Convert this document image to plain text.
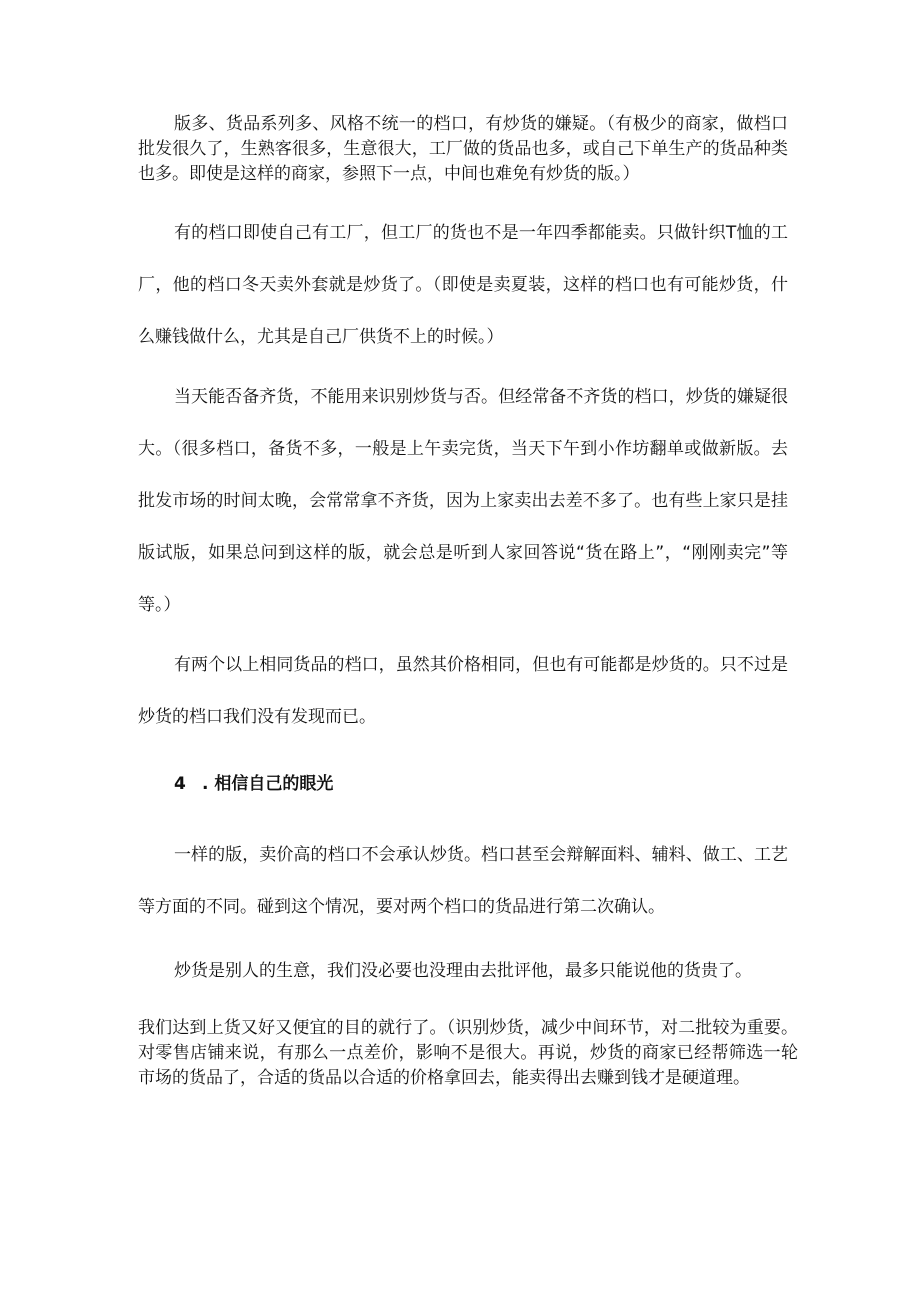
版多、货品系列多、风格不统一的档口，有炒货的嫌疑。（有极少的商家，做档口批发很久了，生熟客很多，生意很大，工厂做的货品也多，或自己下单生产的货品种类也多。即使是这样的商家，参照下一点，中间也难免有炒货的版。）

有的档口即使自己有工厂，但工厂的货也不是一年四季都能卖。只做针织T恤的工厂，他的档口冬天卖外套就是炒货了。（即使是卖夏装，这样的档口也有可能炒货，什么赚钱做什么，尤其是自己厂供货不上的时候。）

当天能否备齐货，不能用来识别炒货与否。但经常备不齐货的档口，炒货的嫌疑很大。（很多档口，备货不多，一般是上午卖完货，当天下午到小作坊翻单或做新版。去批发市场的时间太晚，会常常拿不齐货，因为上家卖出去差不多了。也有些上家只是挂版试版，如果总问到这样的版，就会总是听到人家回答说“货在路上”，“刚刚卖完”等等。）

有两个以上相同货品的档口，虽然其价格相同，但也有可能都是炒货的。只不过是炒货的档口我们没有发现而已。

4 . 相信自己的眼光

一样的版，卖价高的档口不会承认炒货。档口甚至会辩解面料、辅料、做工、工艺等方面的不同。碰到这个情况，要对两个档口的货品进行第二次确认。

炒货是别人的生意，我们没必要也没理由去批评他，最多只能说他的货贵了。

我们达到上货又好又便宜的目的就行了。（识别炒货，减少中间环节，对二批较为重要。对零售店铺来说，有那么一点差价，影响不是很大。再说，炒货的商家已经帮筛选一轮市场的货品了，合适的货品以合适的价格拿回去，能卖得出去赚到钱才是硬道理。
